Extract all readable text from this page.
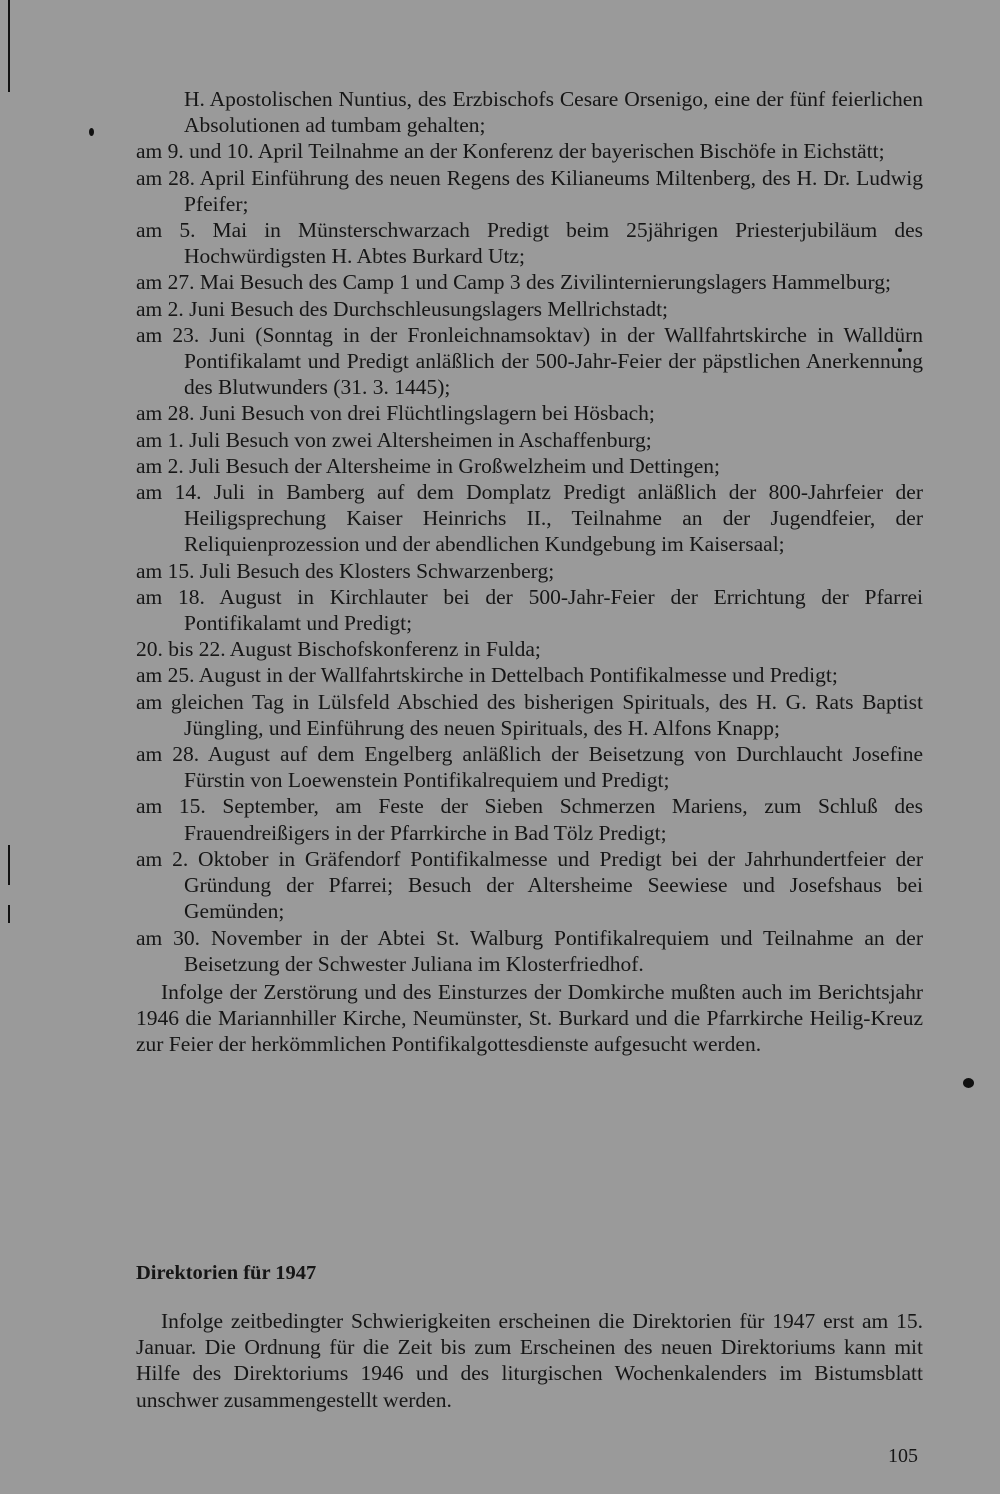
H. Apostolischen Nuntius, des Erzbischofs Cesare Orsenigo, eine der fünf feierlichen Absolutionen ad tumbam gehalten;
am 9. und 10. April Teilnahme an der Konferenz der bayerischen Bischöfe in Eichstätt;
am 28. April Einführung des neuen Regens des Kilianeums Miltenberg, des H. Dr. Ludwig Pfeifer;
am 5. Mai in Münsterschwarzach Predigt beim 25jährigen Priesterjubiläum des Hochwürdigsten H. Abtes Burkard Utz;
am 27. Mai Besuch des Camp 1 und Camp 3 des Zivilinternierungslagers Hammelburg;
am 2. Juni Besuch des Durchschleusungslagers Mellrichstadt;
am 23. Juni (Sonntag in der Fronleichnamsoktav) in der Wallfahrtskirche in Walldürn Pontifikalamt und Predigt anläßlich der 500-Jahr-Feier der päpstlichen Anerkennung des Blutwunders (31. 3. 1445);
am 28. Juni Besuch von drei Flüchtlingslagern bei Hösbach;
am 1. Juli Besuch von zwei Altersheimen in Aschaffenburg;
am 2. Juli Besuch der Altersheime in Großwelzheim und Dettingen;
am 14. Juli in Bamberg auf dem Domplatz Predigt anläßlich der 800-Jahrfeier der Heiligsprechung Kaiser Heinrichs II., Teilnahme an der Jugendfeier, der Reliquienprozession und der abendlichen Kundgebung im Kaisersaal;
am 15. Juli Besuch des Klosters Schwarzenberg;
am 18. August in Kirchlauter bei der 500-Jahr-Feier der Errichtung der Pfarrei Pontifikalamt und Predigt;
20. bis 22. August Bischofskonferenz in Fulda;
am 25. August in der Wallfahrtskirche in Dettelbach Pontifikalmesse und Predigt;
am gleichen Tag in Lülsfeld Abschied des bisherigen Spirituals, des H. G. Rats Baptist Jüngling, und Einführung des neuen Spirituals, des H. Alfons Knapp;
am 28. August auf dem Engelberg anläßlich der Beisetzung von Durchlaucht Josefine Fürstin von Loewenstein Pontifikalrequiem und Predigt;
am 15. September, am Feste der Sieben Schmerzen Mariens, zum Schluß des Frauendreißigers in der Pfarrkirche in Bad Tölz Predigt;
am 2. Oktober in Gräfendorf Pontifikalmesse und Predigt bei der Jahrhundertfeier der Gründung der Pfarrei; Besuch der Altersheime Seewiese und Josefshaus bei Gemünden;
am 30. November in der Abtei St. Walburg Pontifikalrequiem und Teilnahme an der Beisetzung der Schwester Juliana im Klosterfriedhof.
Infolge der Zerstörung und des Einsturzes der Domkirche mußten auch im Berichtsjahr 1946 die Mariannhiller Kirche, Neumünster, St. Burkard und die Pfarrkirche Heilig-Kreuz zur Feier der herkömmlichen Pontifikalgottesdienste aufgesucht werden.
Direktorien für 1947
Infolge zeitbedingter Schwierigkeiten erscheinen die Direktorien für 1947 erst am 15. Januar. Die Ordnung für die Zeit bis zum Erscheinen des neuen Direktoriums kann mit Hilfe des Direktoriums 1946 und des liturgischen Wochenkalenders im Bistumsblatt unschwer zusammengestellt werden.
105
